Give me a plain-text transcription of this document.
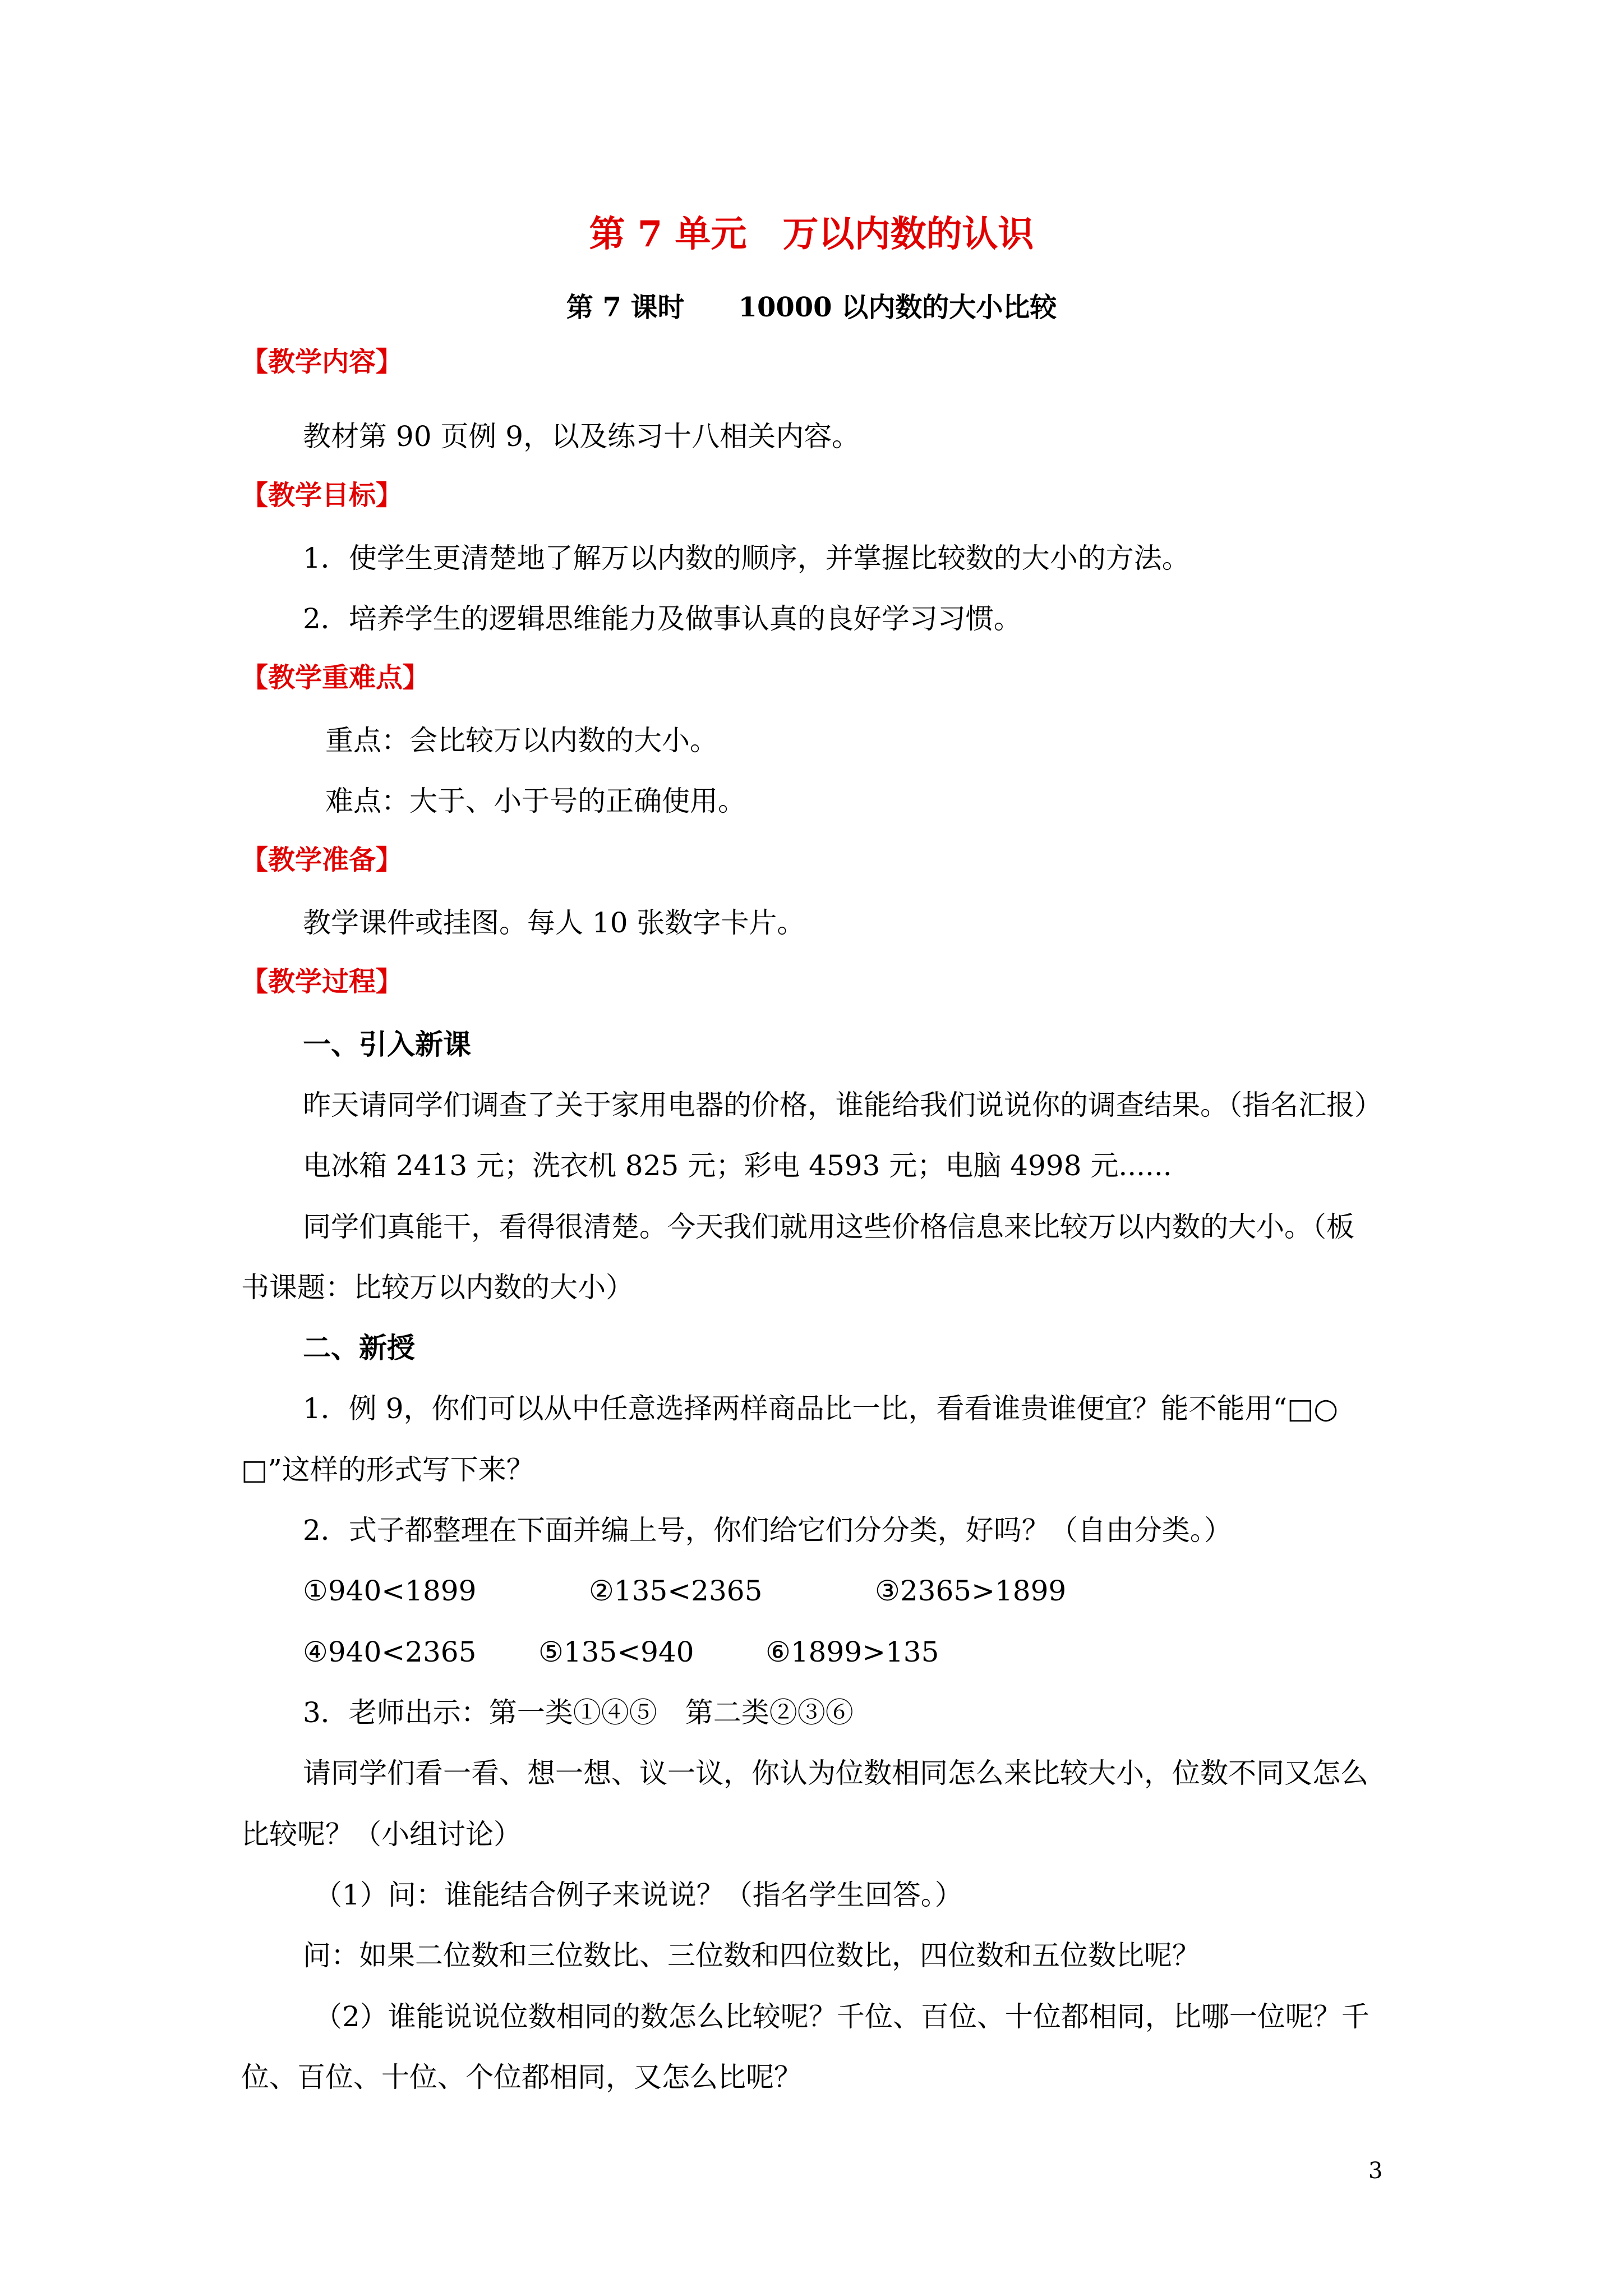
第 7 单元　万以内数的认识
第 7 课时　　10000 以内数的大小比较
【教学内容】
教材第 90 页例 9，以及练习十八相关内容。
【教学目标】
1．使学生更清楚地了解万以内数的顺序，并掌握比较数的大小的方法。
2．培养学生的逻辑思维能力及做事认真的良好学习习惯。
【教学重难点】
重点：会比较万以内数的大小。
难点：大于、小于号的正确使用。
【教学准备】
教学课件或挂图。每人 10 张数字卡片。
【教学过程】
一、引入新课
昨天请同学们调查了关于家用电器的价格，谁能给我们说说你的调查结果。（指名汇报）
电冰箱 2413 元；洗衣机 825 元；彩电 4593 元；电脑 4998 元......
同学们真能干，看得很清楚。今天我们就用这些价格信息来比较万以内数的大小。（板
书课题：比较万以内数的大小）
二、新授
1．例 9，你们可以从中任意选择两样商品比一比，看看谁贵谁便宜？能不能用“□○
□”这样的形式写下来？
2．式子都整理在下面并编上号，你们给它们分分类，好吗？（自由分类。）
①940<1899	②135<2365	③2365>1899
④940<2365 ⑤135<940	⑥1899>135
3．老师出示：第一类①④⑤　第二类②③⑥
请同学们看一看、想一想、议一议，你认为位数相同怎么来比较大小，位数不同又怎么
比较呢？（小组讨论）
（1）问：谁能结合例子来说说？（指名学生回答。）
问：如果二位数和三位数比、三位数和四位数比，四位数和五位数比呢？
（2）谁能说说位数相同的数怎么比较呢？千位、百位、十位都相同，比哪一位呢？千
位、百位、十位、个位都相同，又怎么比呢？
3
